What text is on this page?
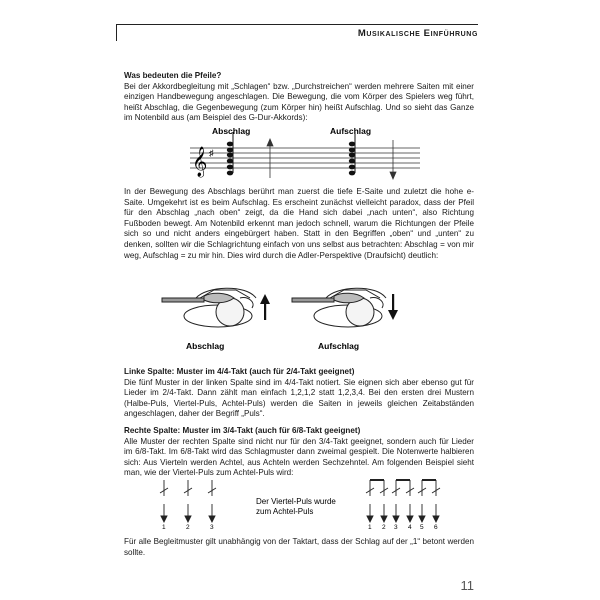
Musikalische Einführung
Was bedeuten die Pfeile?

Bei der Akkordbegleitung mit „Schlagen“ bzw. „Durchstreichen“ werden mehrere Saiten mit einer einzigen Handbewegung angeschlagen. Die Bewegung, die vom Körper des Spielers weg führt, heißt Abschlag, die Gegenbewegung (zum Körper hin) heißt Aufschlag. Und so sieht das Ganze im Notenbild aus (am Beispiel des G-Dur-Akkords):

Abschlag	Aufschlag
𝄞 ♯

In der Bewegung des Abschlags berührt man zuerst die tiefe E-Saite und zuletzt die hohe e-Saite. Umgekehrt ist es beim Aufschlag. Es erscheint zunächst vielleicht paradox, dass der Pfeil für den Abschlag „nach oben“ zeigt, da die Hand sich dabei „nach unten“, also Richtung Fußboden bewegt. Am Notenbild erkennt man jedoch schnell, warum die Richtungen der Pfeile sich so und nicht anders eingebürgert haben. Statt in den Begriffen „oben“ und „unten“ zu denken, sollten wir die Schlagrichtung einfach von uns selbst aus betrachten: Abschlag = von mir weg, Aufschlag = zu mir hin. Dies wird durch die Adler-Perspektive (Draufsicht) deutlich:

Abschlag	Aufschlag
Linke Spalte: Muster im 4/4-Takt (auch für 2/4-Takt geeignet)

Die fünf Muster in der linken Spalte sind im 4/4-Takt notiert. Sie eignen sich aber ebenso gut für Lieder im 2/4-Takt. Dann zählt man einfach 1,2,1,2 statt 1,2,3,4. Bei den ersten drei Mustern (Halbe-Puls, Viertel-Puls, Achtel-Puls) werden die Saiten in jeweils gleichen Zeitabständen angeschlagen, daher der Begriff „Puls“.

Rechte Spalte: Muster im 3/4-Takt (auch für 6/8-Takt geeignet)

Alle Muster der rechten Spalte sind nicht nur für den 3/4-Takt geeignet, sondern auch für Lieder im 6/8-Takt. Im 6/8-Takt wird das Schlagmuster dann zweimal gespielt. Die Notenwerte halbieren sich: Aus Vierteln werden Achtel, aus Achteln werden Sechzehntel. Am folgenden Beispiel sieht man, wie der Viertel-Puls zum Achtel-Puls wird:

1	2	3
Der Viertel-Puls wurde
zum Achtel-Puls
1 2 3 4 5 6

Für alle Begleitmuster gilt unabhängig von der Taktart, dass der Schlag auf der „1“ betont werden sollte.

11
